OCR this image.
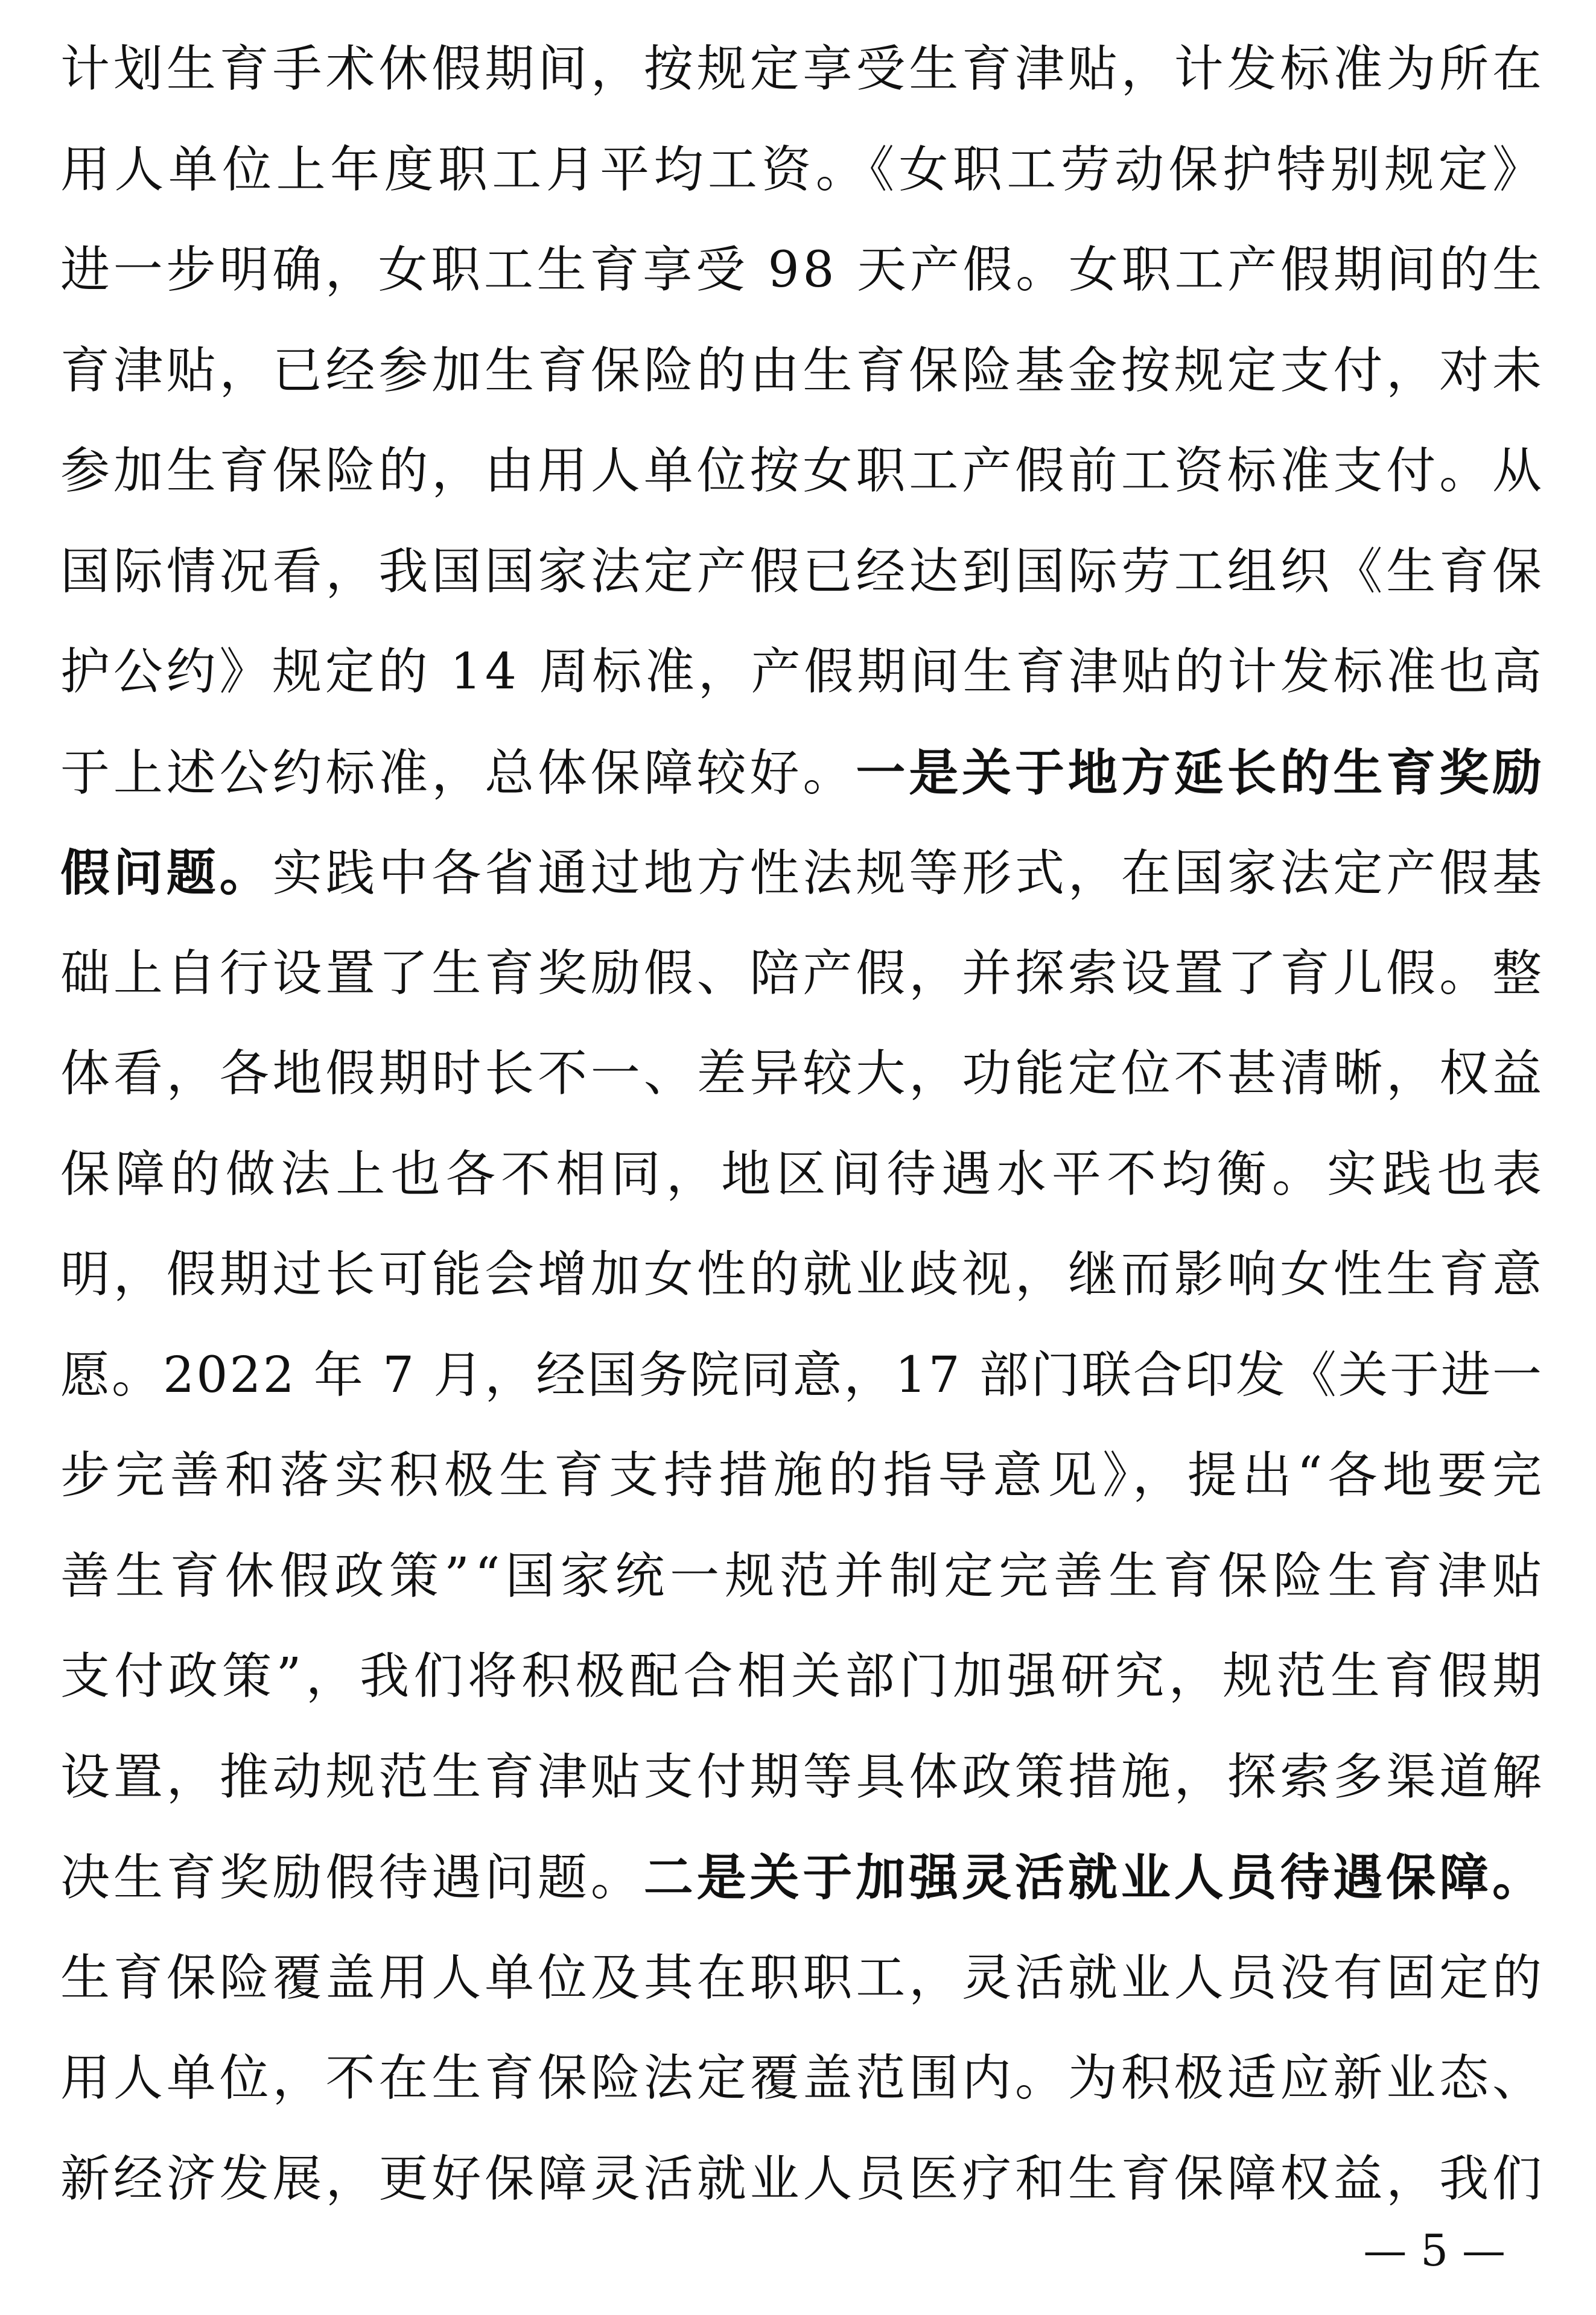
计划生育手术休假期间，按规定享受生育津贴，计发标准为所在
用人单位上年度职工月平均工资。《女职工劳动保护特别规定》
进一步明确，女职工生育享受 98 天产假。女职工产假期间的生
育津贴，已经参加生育保险的由生育保险基金按规定支付，对未
参加生育保险的，由用人单位按女职工产假前工资标准支付。从
国际情况看，我国国家法定产假已经达到国际劳工组织《生育保
护公约》规定的 14 周标准，产假期间生育津贴的计发标准也高
于上述公约标准，总体保障较好。一是关于地方延长的生育奖励
假问题。实践中各省通过地方性法规等形式，在国家法定产假基
础上自行设置了生育奖励假、陪产假，并探索设置了育儿假。整
体看，各地假期时长不一、差异较大，功能定位不甚清晰，权益
保障的做法上也各不相同，地区间待遇水平不均衡。实践也表
明，假期过长可能会增加女性的就业歧视，继而影响女性生育意
愿。2022 年 7 月，经国务院同意，17 部门联合印发《关于进一
步完善和落实积极生育支持措施的指导意见》，提出“各地要完
善生育休假政策”“国家统一规范并制定完善生育保险生育津贴
支付政策”，我们将积极配合相关部门加强研究，规范生育假期
设置，推动规范生育津贴支付期等具体政策措施，探索多渠道解
决生育奖励假待遇问题。二是关于加强灵活就业人员待遇保障。
生育保险覆盖用人单位及其在职职工，灵活就业人员没有固定的
用人单位，不在生育保险法定覆盖范围内。为积极适应新业态、
新经济发展，更好保障灵活就业人员医疗和生育保障权益，我们
— 5 —
